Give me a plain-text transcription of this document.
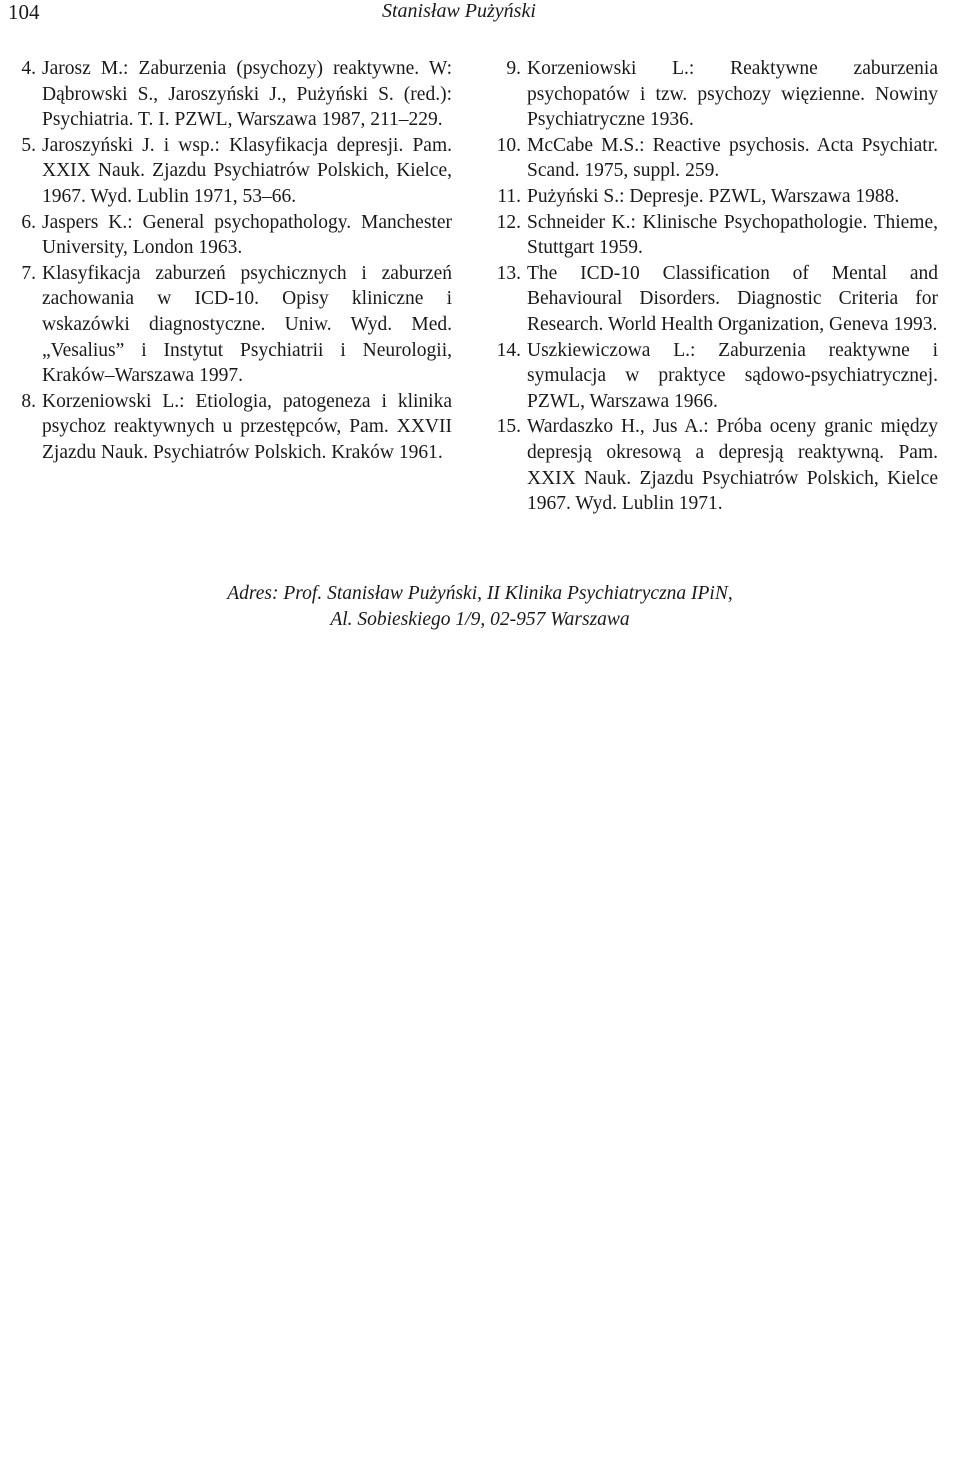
104	Stanisław Pużyński
4. Jarosz M.: Zaburzenia (psychozy) reaktywne. W: Dąbrowski S., Jaroszyński J., Pużyński S. (red.): Psychiatria. T. I. PZWL, Warszawa 1987, 211–229.
5. Jaroszyński J. i wsp.: Klasyfikacja depresji. Pam. XXIX Nauk. Zjazdu Psychiatrów Polskich, Kielce, 1967. Wyd. Lublin 1971, 53–66.
6. Jaspers K.: General psychopathology. Manchester University, London 1963.
7. Klasyfikacja zaburzeń psychicznych i zaburzeń zachowania w ICD-10. Opisy kliniczne i wskazówki diagnostyczne. Uniw. Wyd. Med. „Vesalius” i Instytut Psychiatrii i Neurologii, Kraków–Warszawa 1997.
8. Korzeniowski L.: Etiologia, patogeneza i klinika psychoz reaktywnych u przestępców, Pam. XXVII Zjazdu Nauk. Psychiatrów Polskich. Kraków 1961.
9. Korzeniowski L.: Reaktywne zaburzenia psychopatów i tzw. psychozy więzienne. Nowiny Psychiatryczne 1936.
10. McCabe M.S.: Reactive psychosis. Acta Psychiatr. Scand. 1975, suppl. 259.
11. Pużyński S.: Depresje. PZWL, Warszawa 1988.
12. Schneider K.: Klinische Psychopathologie. Thieme, Stuttgart 1959.
13. The ICD-10 Classification of Mental and Behavioural Disorders. Diagnostic Criteria for Research. World Health Organization, Geneva 1993.
14. Uszkiewiczowa L.: Zaburzenia reaktywne i symulacja w praktyce sądowo-psychiatrycznej. PZWL, Warszawa 1966.
15. Wardaszko H., Jus A.: Próba oceny granic między depresją okresową a depresją reaktywną. Pam. XXIX Nauk. Zjazdu Psychiatrów Polskich, Kielce 1967. Wyd. Lublin 1971.
Adres: Prof. Stanisław Pużyński, II Klinika Psychiatryczna IPiN,
Al. Sobieskiego 1/9, 02-957 Warszawa
